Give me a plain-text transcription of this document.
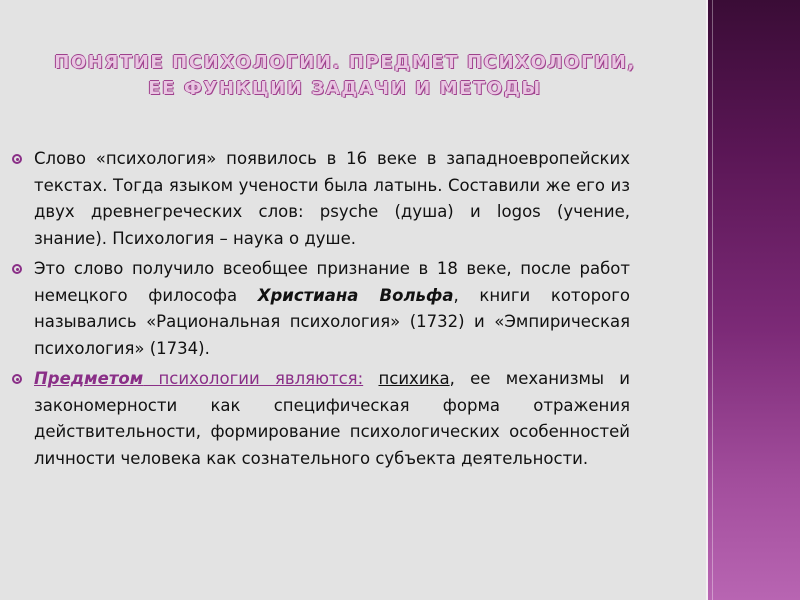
ПОНЯТИЕ ПСИХОЛОГИИ. ПРЕДМЕТ ПСИХОЛОГИИ, ЕЕ ФУНКЦИИ ЗАДАЧИ И МЕТОДЫ
Слово «психология» появилось в 16 веке в западноевропейских текстах. Тогда языком учености была латынь. Составили же его из двух древнегреческих слов: psyche (душа) и logos (учение, знание). Психология – наука о душе.
Это слово получило всеобщее признание в 18 веке, после работ немецкого философа Христиана Вольфа, книги которого назывались «Рациональная психология» (1732) и «Эмпирическая психология» (1734).
Предметом психологии являются: психика, ее механизмы и закономерности как специфическая форма отражения действительности, формирование психологических особенностей личности человека как сознательного субъекта деятельности.
